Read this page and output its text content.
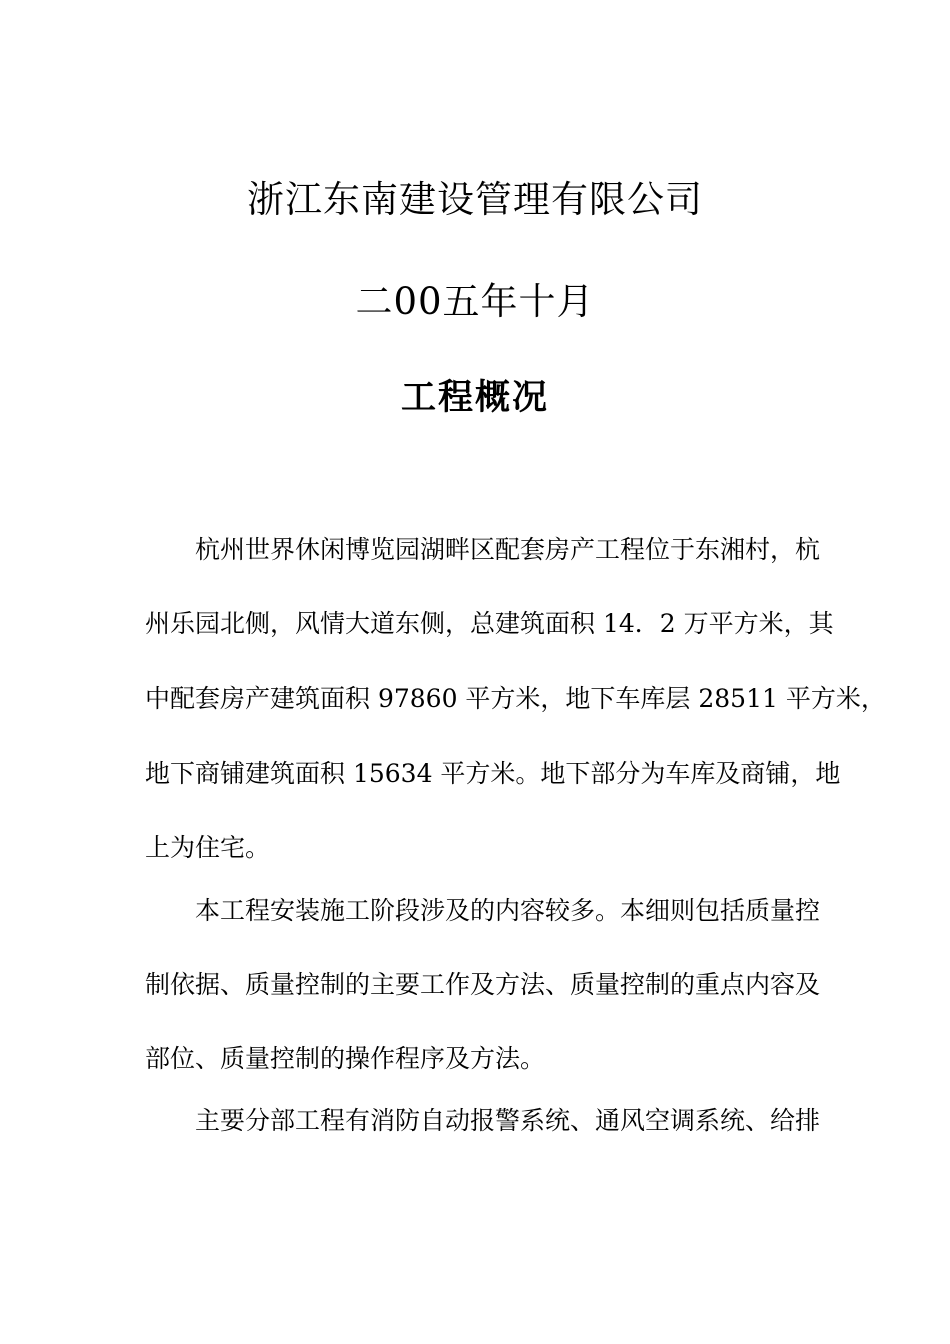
浙江东南建设管理有限公司
二00五年十月
工程概况
杭州世界休闲博览园湖畔区配套房产工程位于东湘村，杭
州乐园北侧，风情大道东侧，总建筑面积 14．2 万平方米，其
中配套房产建筑面积 97860 平方米，地下车库层 28511 平方米，
地下商铺建筑面积 15634 平方米。地下部分为车库及商铺，地
上为住宅。
本工程安装施工阶段涉及的内容较多。本细则包括质量控
制依据、质量控制的主要工作及方法、质量控制的重点内容及
部位、质量控制的操作程序及方法。
主要分部工程有消防自动报警系统、通风空调系统、给排
